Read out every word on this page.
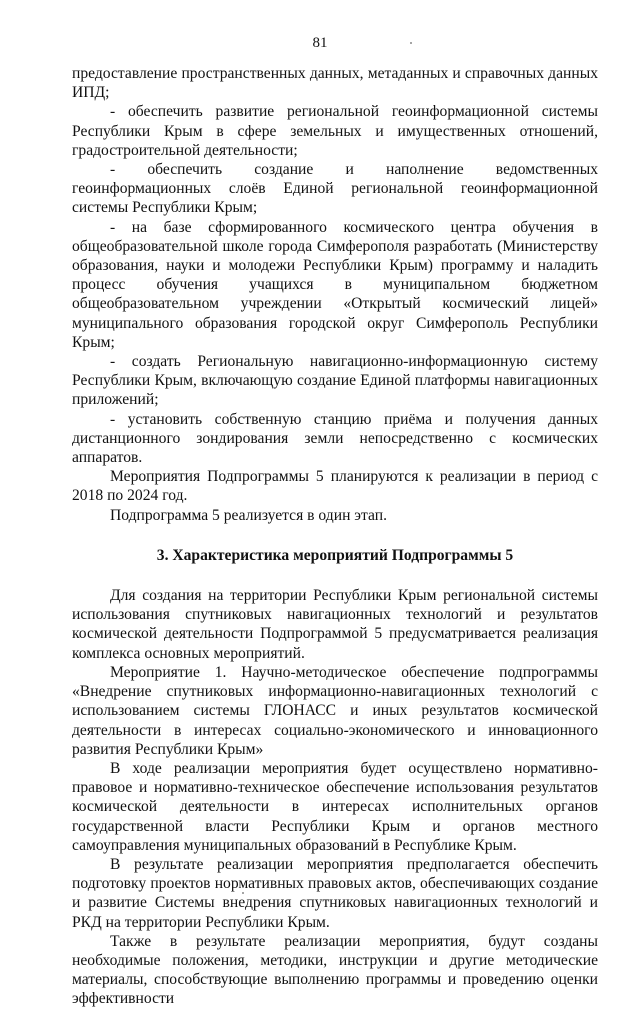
81

предоставление пространственных данных, метаданных и справочных данных ИПД;

- обеспечить развитие региональной геоинформационной системы Республики Крым в сфере земельных и имущественных отношений, градостроительной деятельности;

- обеспечить создание и наполнение ведомственных геоинформационных слоёв Единой региональной геоинформационной системы Республики Крым;

- на базе сформированного космического центра обучения в общеобразовательной школе города Симферополя разработать (Министерству образования, науки и молодежи Республики Крым) программу и наладить процесс обучения учащихся в муниципальном бюджетном общеобразовательном учреждении «Открытый космический лицей» муниципального образования городской округ Симферополь Республики Крым;

- создать Региональную навигационно-информационную систему Республики Крым, включающую создание Единой платформы навигационных приложений;

- установить собственную станцию приёма и получения данных дистанционного зондирования земли непосредственно с космических аппаратов.

Мероприятия Подпрограммы 5 планируются к реализации в период с 2018 по 2024 год.

Подпрограмма 5 реализуется в один этап.

3. Характеристика мероприятий Подпрограммы 5

Для создания на территории Республики Крым региональной системы использования спутниковых навигационных технологий и результатов космической деятельности Подпрограммой 5 предусматривается реализация комплекса основных мероприятий.

Мероприятие 1. Научно-методическое обеспечение подпрограммы «Внедрение спутниковых информационно-навигационных технологий с использованием системы ГЛОНАСС и иных результатов космической деятельности в интересах социально-экономического и инновационного развития Республики Крым»

В ходе реализации мероприятия будет осуществлено нормативно-правовое и нормативно-техническое обеспечение использования результатов космической деятельности в интересах исполнительных органов государственной власти Республики Крым и органов местного самоуправления муниципальных образований в Республике Крым.

В результате реализации мероприятия предполагается обеспечить подготовку проектов нормативных правовых актов, обеспечивающих создание и развитие Системы внедрения спутниковых навигационных технологий и РКД на территории Республики Крым.

Также в результате реализации мероприятия, будут созданы необходимые положения, методики, инструкции и другие методические материалы, способствующие выполнению программы и проведению оценки эффективности
